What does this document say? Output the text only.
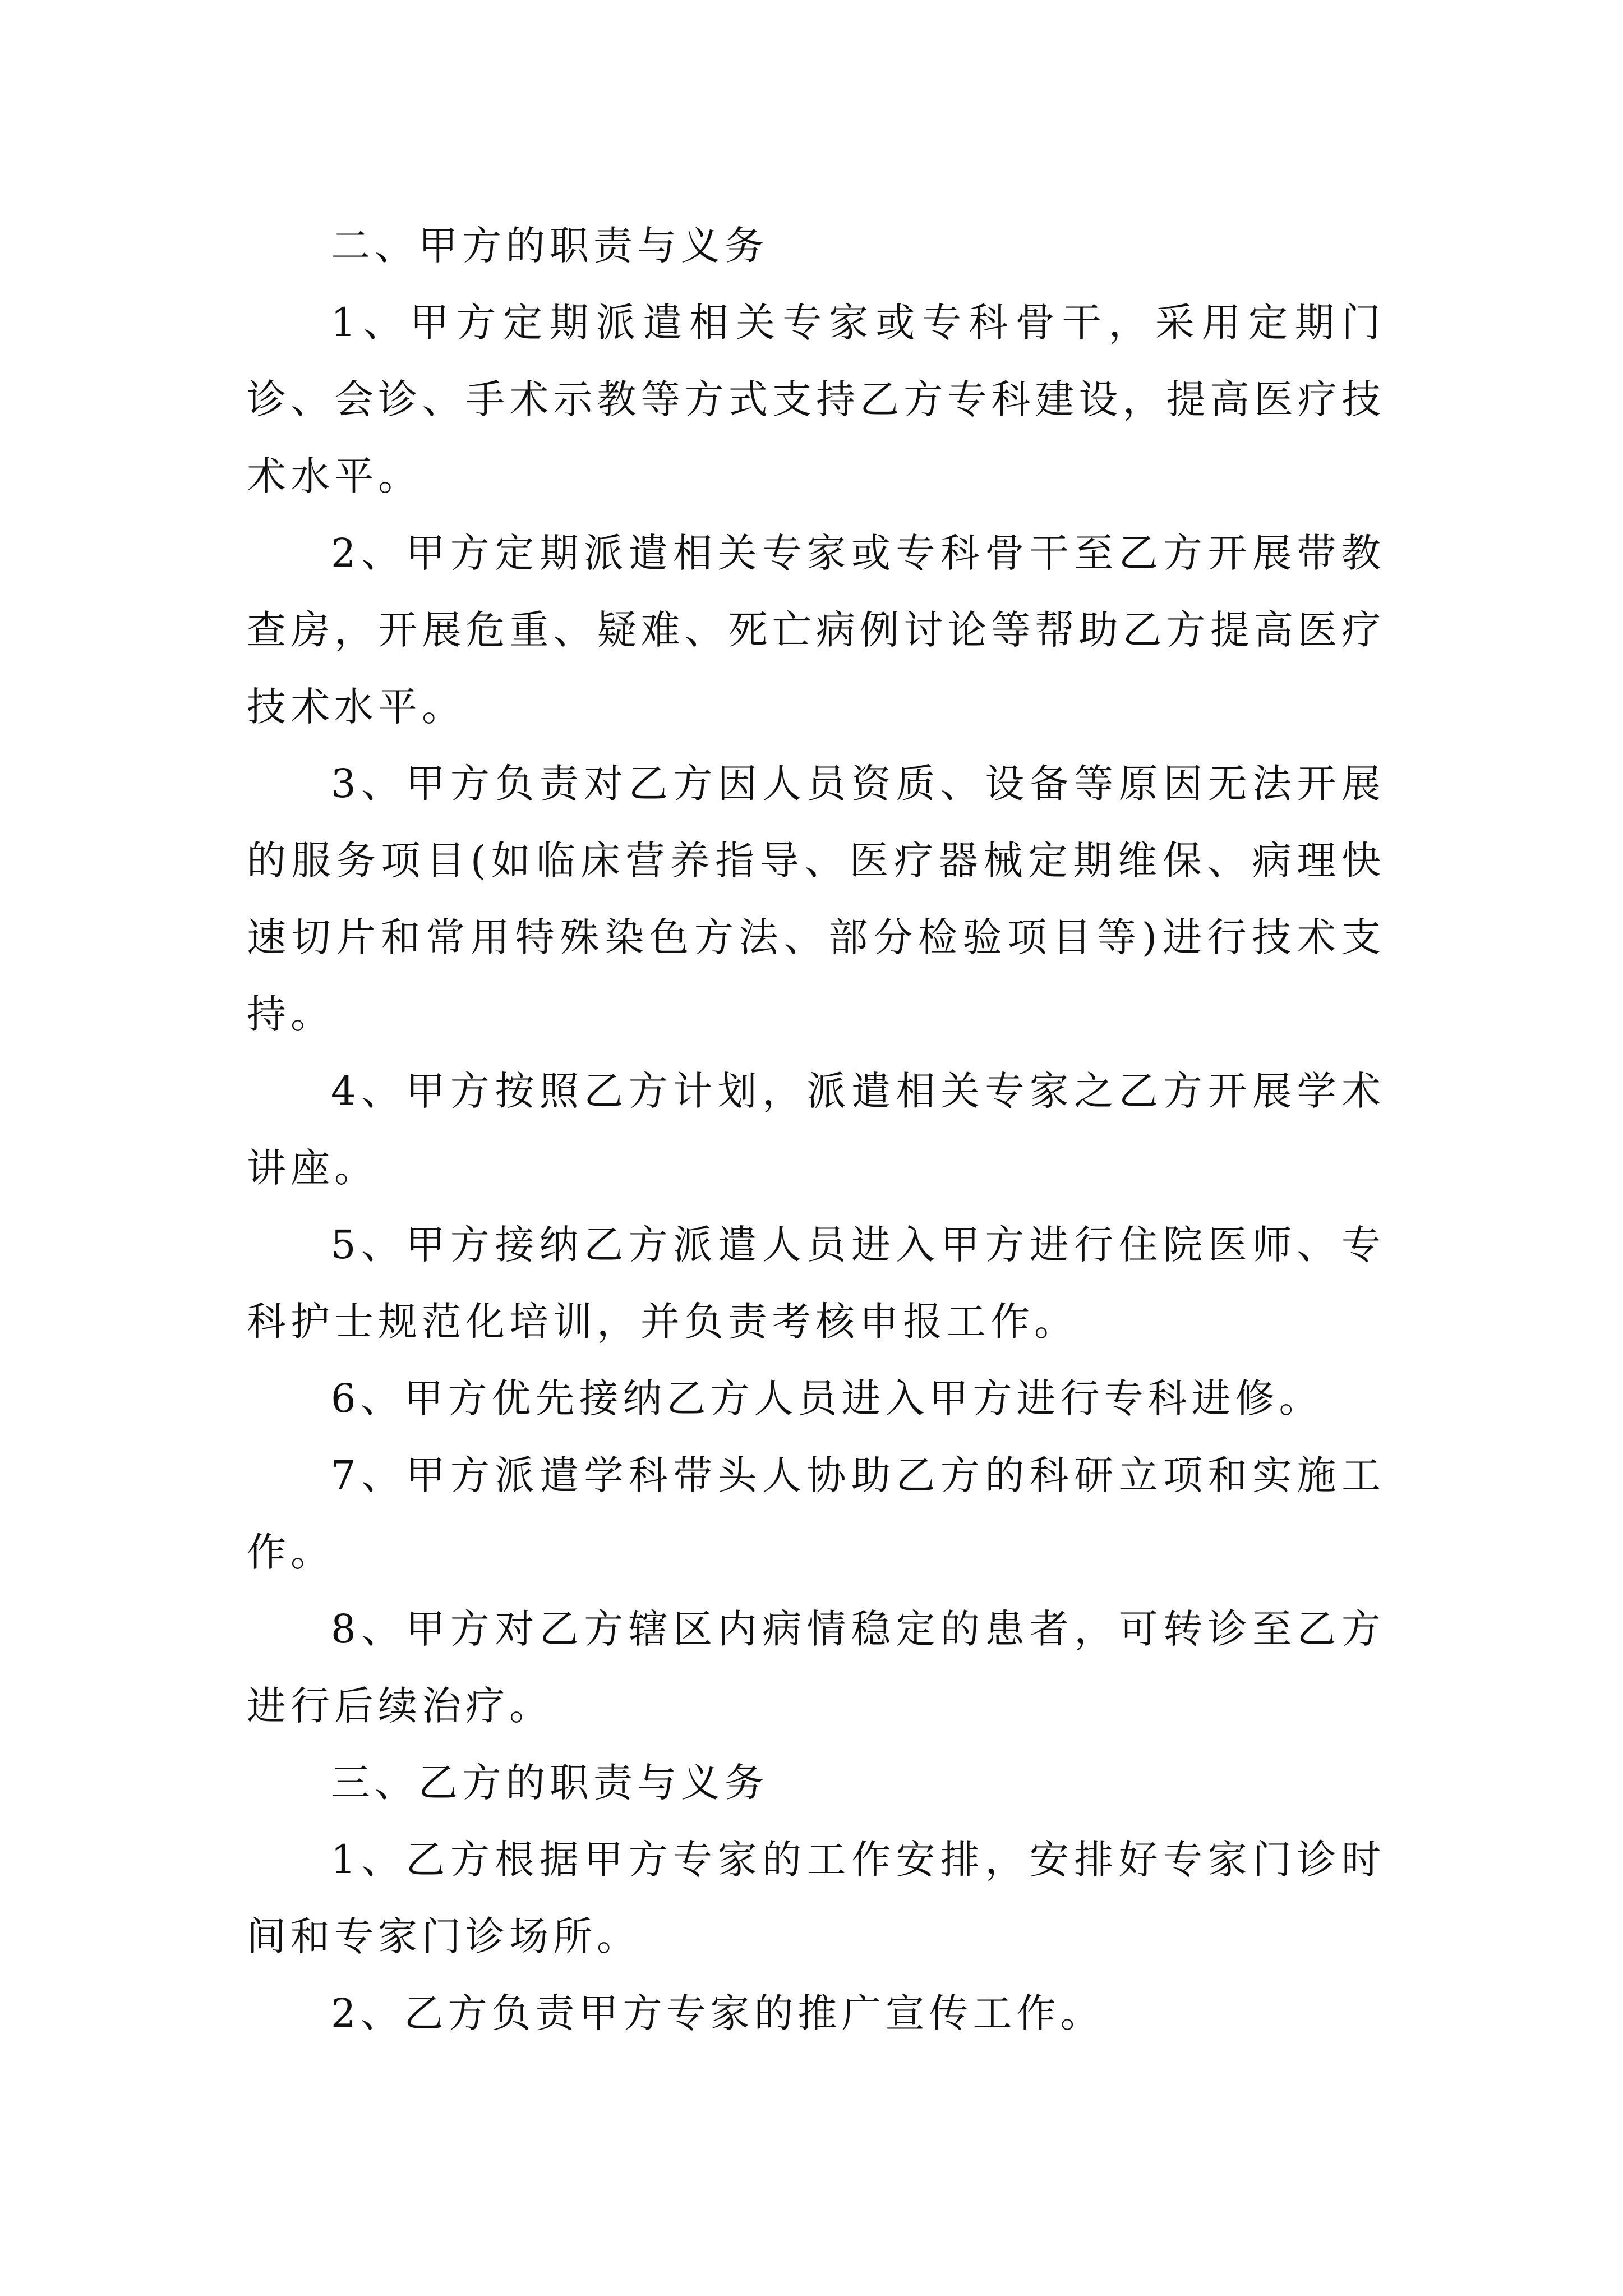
二、甲方的职责与义务

1、甲方定期派遣相关专家或专科骨干，采用定期门诊、会诊、手术示教等方式支持乙方专科建设，提高医疗技术水平。

2、甲方定期派遣相关专家或专科骨干至乙方开展带教查房，开展危重、疑难、死亡病例讨论等帮助乙方提高医疗技术水平。

3、甲方负责对乙方因人员资质、设备等原因无法开展的服务项目(如临床营养指导、医疗器械定期维保、病理快速切片和常用特殊染色方法、部分检验项目等)进行技术支持。

4、甲方按照乙方计划，派遣相关专家之乙方开展学术讲座。

5、甲方接纳乙方派遣人员进入甲方进行住院医师、专科护士规范化培训，并负责考核申报工作。

6、甲方优先接纳乙方人员进入甲方进行专科进修。

7、甲方派遣学科带头人协助乙方的科研立项和实施工作。

8、甲方对乙方辖区内病情稳定的患者，可转诊至乙方进行后续治疗。

三、乙方的职责与义务

1、乙方根据甲方专家的工作安排，安排好专家门诊时间和专家门诊场所。

2、乙方负责甲方专家的推广宣传工作。
